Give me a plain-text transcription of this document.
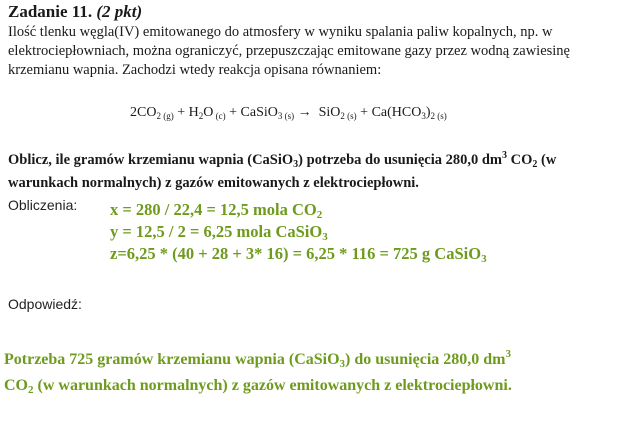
Zadanie 11. (2 pkt)
Ilość tlenku węgla(IV) emitowanego do atmosfery w wyniku spalania paliw kopalnych, np. w elektrociepłowniach, można ograniczyć, przepuszczając emitowane gazy przez wodną zawiesinę krzemianu wapnia. Zachodzi wtedy reakcja opisana równaniem:
$2CO_2$ $_{(g)} + H_2O$ $_{(c)}$ + CaSiO$_3$ $_{(s)}$ → SiO$_2$ $_{(s)} + Ca(HCO_3)_2$ $_{(s)}$
Oblicz, ile gramów krzemianu wapnia (CaSiO$_3$) potrzeba do usunięcia 280,0 $dm^3$ $CO_2$ (w warunkach normalnych) z gazów emitowanych z elektrociepłowni.
Obliczenia: x = 280 / 22,4 = 12,5 mola $CO_2$
y = 12,5 / 2 = 6,25 mola CaSiO$_3$
z=6,25 * (40 + 28 + 3* 16) = 6,25 * 116 = 725 g CaSiO$_3$
Odpowiedź:
Potrzeba 725 gramów krzemianu wapnia (CaSiO$_3$) do usunięcia 280,0 $dm^3$
$CO_2$ (w warunkach normalnych) z gazów emitowanych z elektrociepłowni.
